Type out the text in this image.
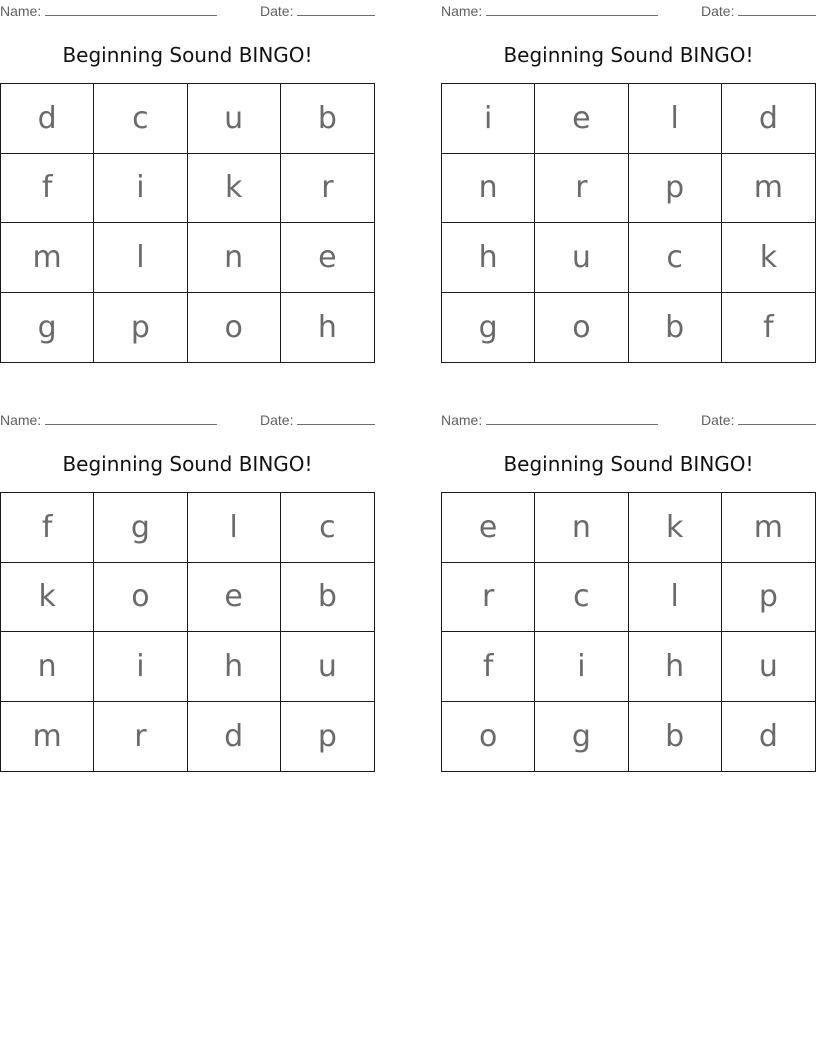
Name:	Date:
Beginning Sound BINGO!
d	c	u	b
f	i	k	r
m	l	n	e
g	p	o	h
Name:	Date:
Beginning Sound BINGO!
i	e	l	d
n	r	p	m
h	u	c	k
g	o	b	f
Name:	Date:
Beginning Sound BINGO!
f	g	l	c
k	o	e	b
n	i	h	u
m	r	d	p
Name:	Date:
Beginning Sound BINGO!
e	n	k	m
r	c	l	p
f	i	h	u
o	g	b	d
